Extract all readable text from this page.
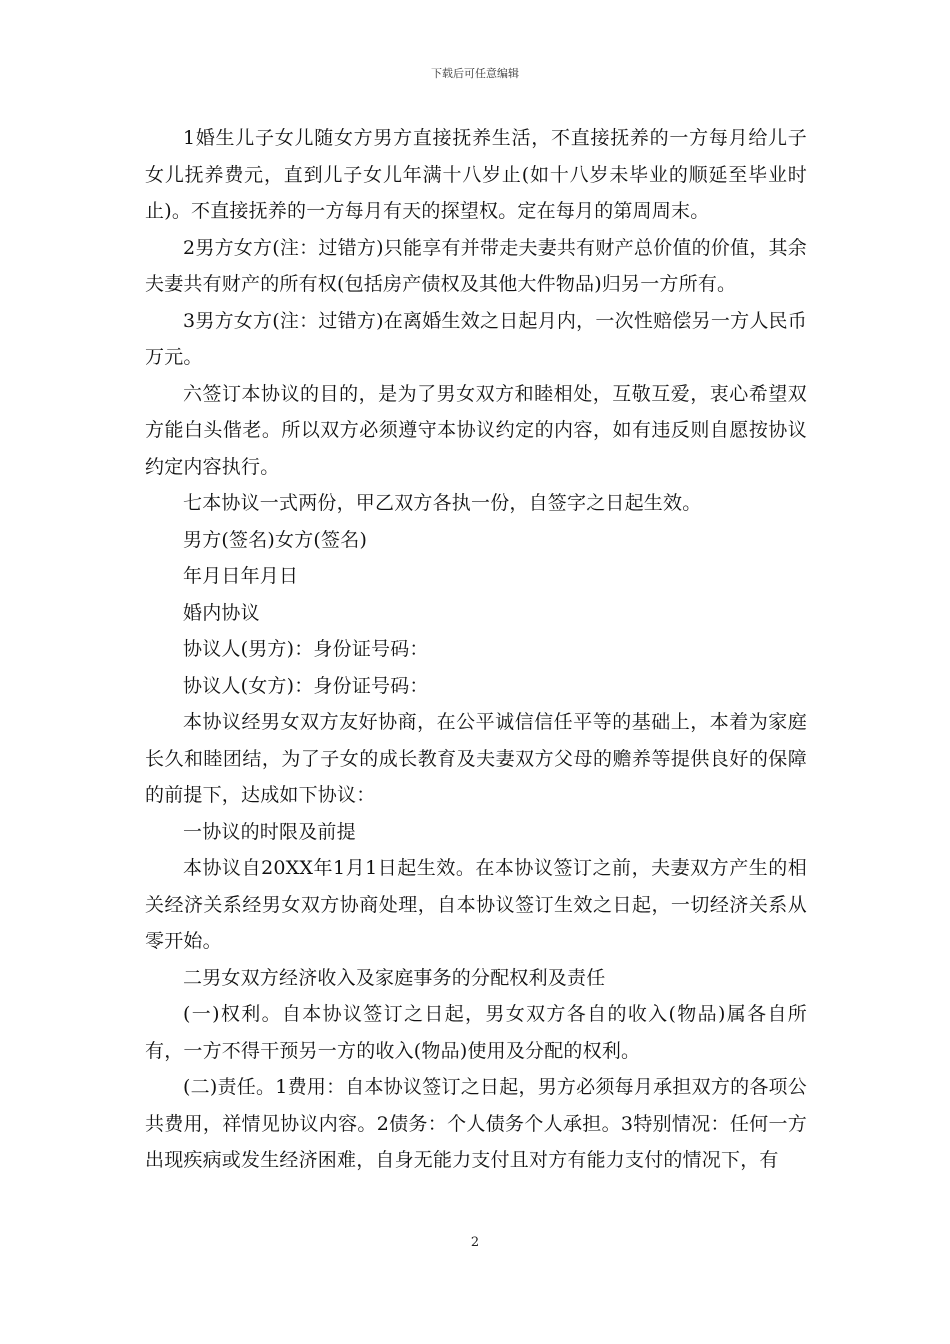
下载后可任意编辑

1婚生儿子女儿随女方男方直接抚养生活，不直接抚养的一方每月给儿子女儿抚养费元，直到儿子女儿年满十八岁止(如十八岁未毕业的顺延至毕业时止)。不直接抚养的一方每月有天的探望权。定在每月的第周周末。

2男方女方(注：过错方)只能享有并带走夫妻共有财产总价值的价值，其余夫妻共有财产的所有权(包括房产债权及其他大件物品)归另一方所有。

3男方女方(注：过错方)在离婚生效之日起月内，一次性赔偿另一方人民币万元。

六签订本协议的目的，是为了男女双方和睦相处，互敬互爱，衷心希望双方能白头偕老。所以双方必须遵守本协议约定的内容，如有违反则自愿按协议约定内容执行。

七本协议一式两份，甲乙双方各执一份，自签字之日起生效。

男方(签名)女方(签名)

年月日年月日

婚内协议

协议人(男方)：身份证号码：

协议人(女方)：身份证号码：

本协议经男女双方友好协商，在公平诚信信任平等的基础上，本着为家庭长久和睦团结，为了子女的成长教育及夫妻双方父母的赡养等提供良好的保障的前提下，达成如下协议：

一协议的时限及前提

本协议自20XX年1月1日起生效。在本协议签订之前，夫妻双方产生的相关经济关系经男女双方协商处理，自本协议签订生效之日起，一切经济关系从零开始。

二男女双方经济收入及家庭事务的分配权利及责任

(一)权利。自本协议签订之日起，男女双方各自的收入(物品)属各自所有，一方不得干预另一方的收入(物品)使用及分配的权利。

(二)责任。1费用：自本协议签订之日起，男方必须每月承担双方的各项公共费用，祥情见协议内容。2债务：个人债务个人承担。3特别情况：任何一方出现疾病或发生经济困难，自身无能力支付且对方有能力支付的情况下，有

2
